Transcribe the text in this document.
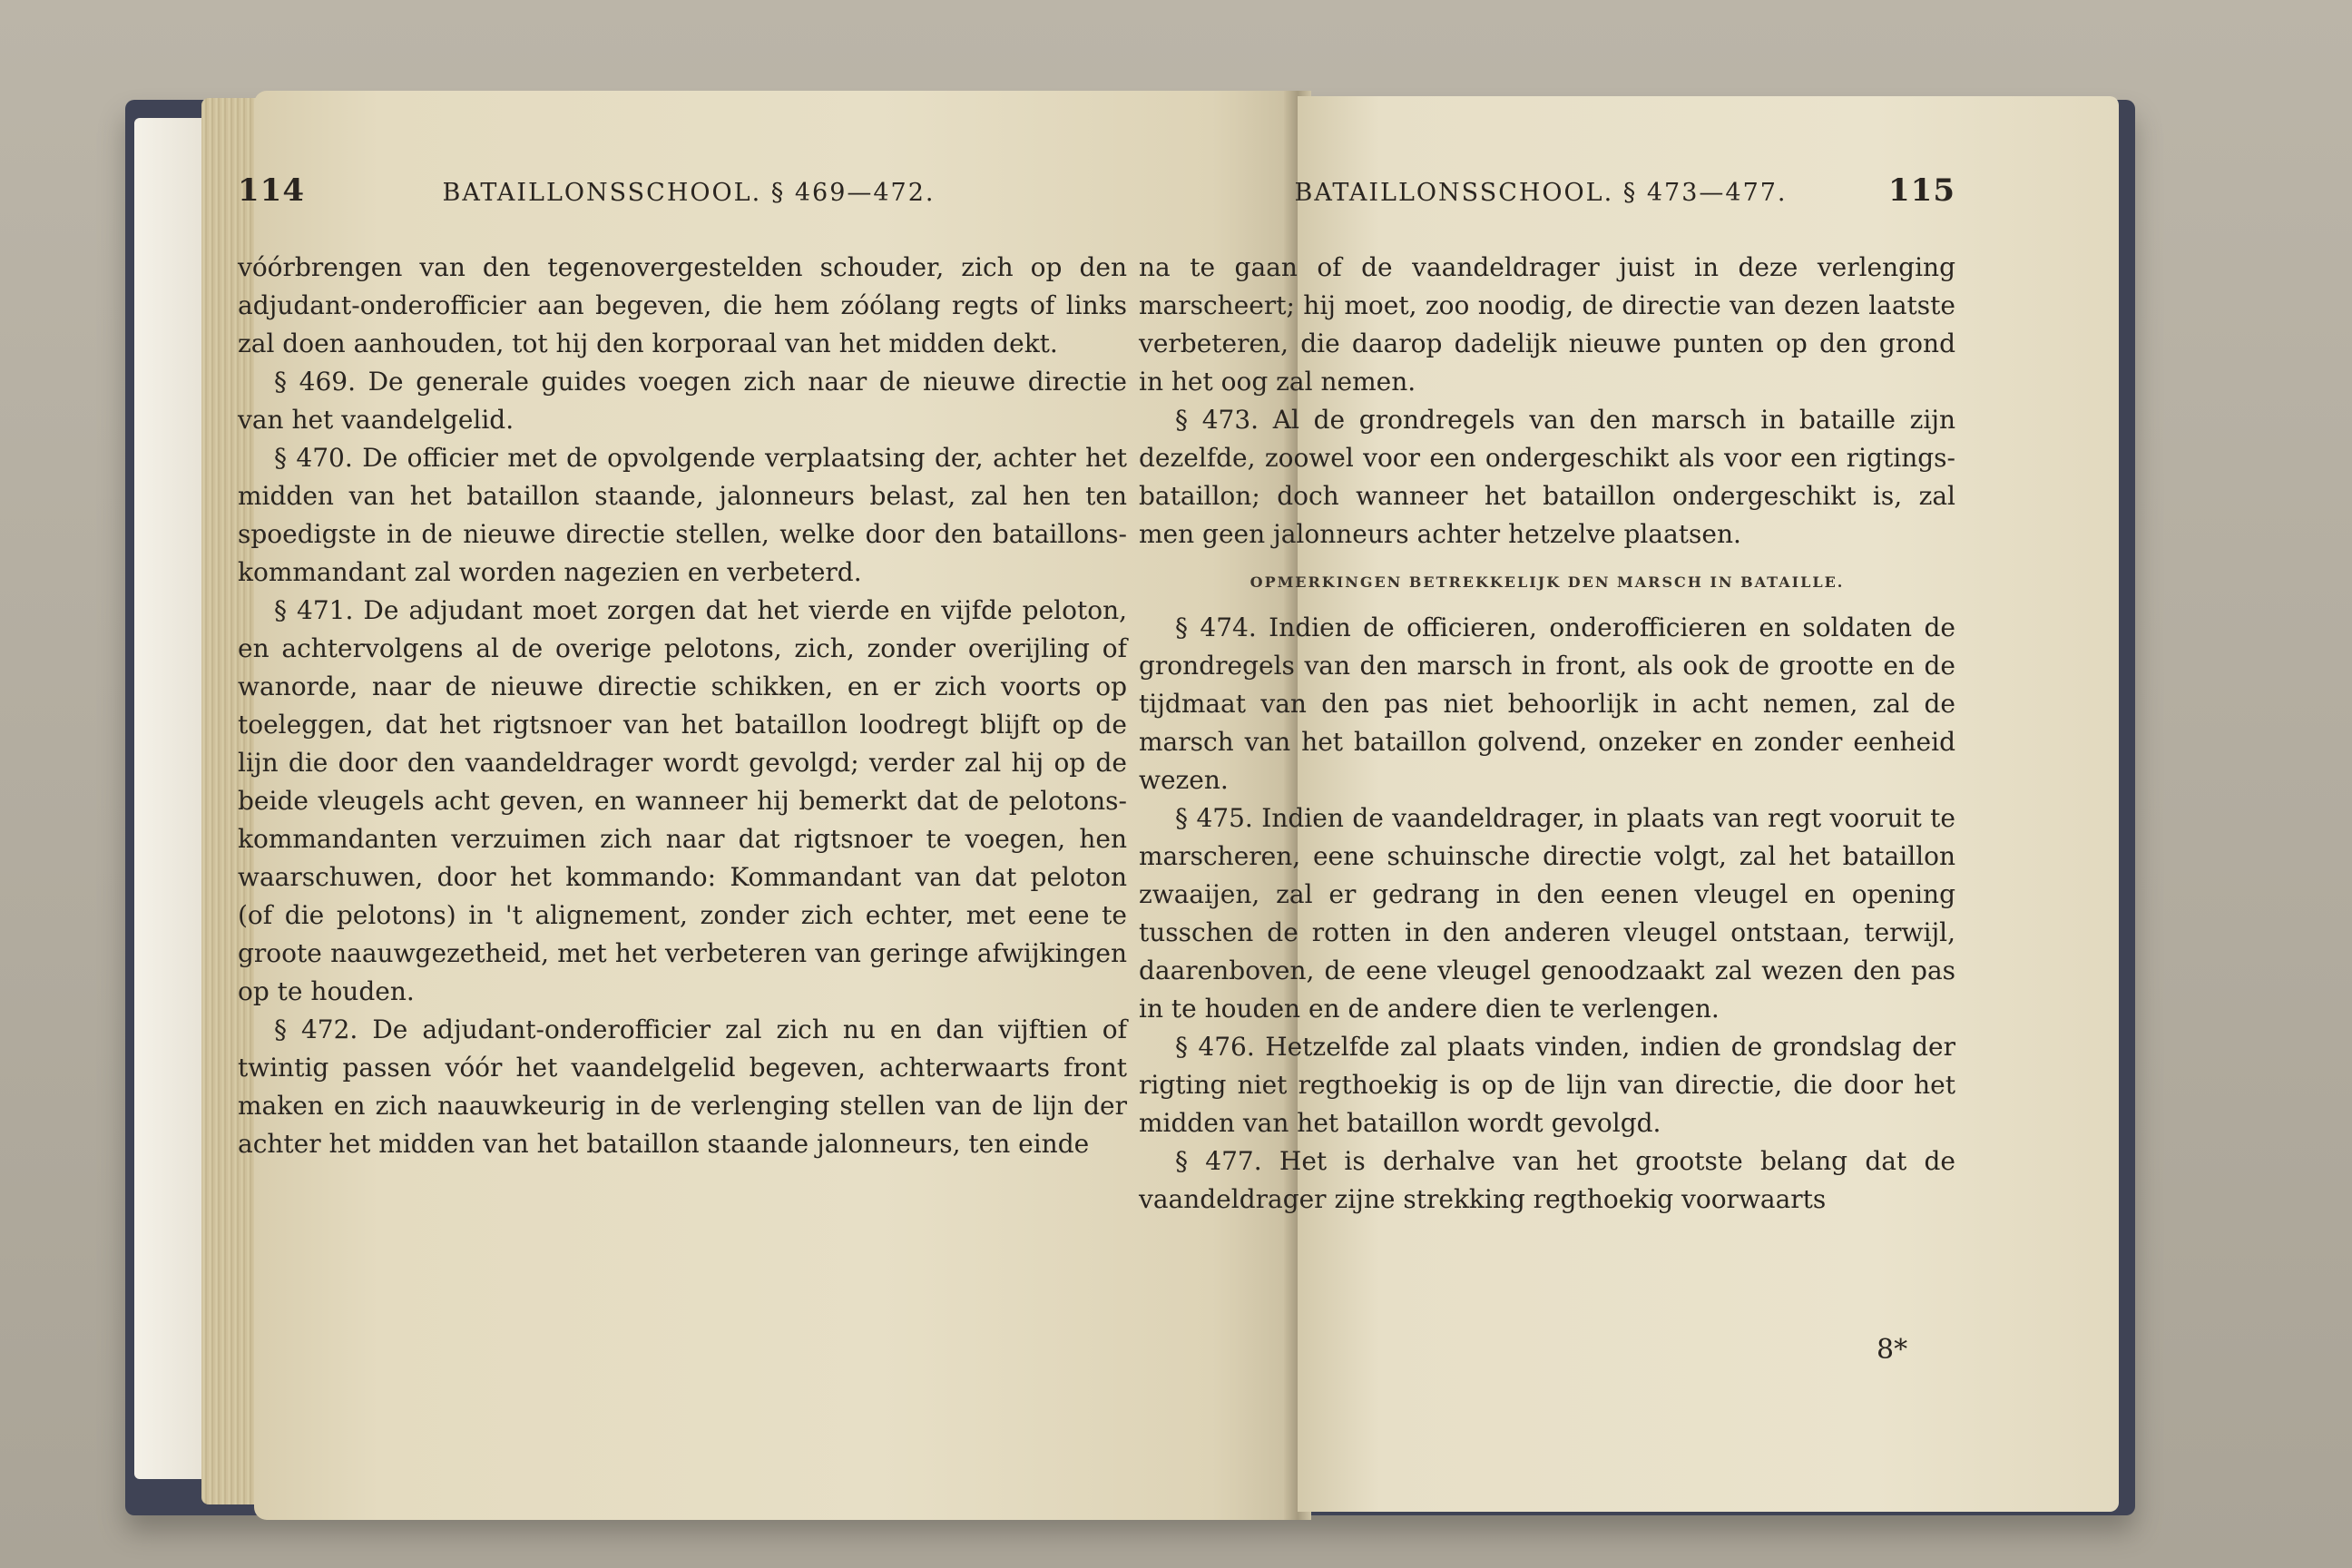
114	BATAILLONSSCHOOL. § 469—472.

vóórbrengen van den tegenovergestelden schouder, zich op den adjudant-onderofficier aan begeven, die hem zóólang regts of links zal doen aanhouden, tot hij den korporaal van het midden dekt.

§ 469. De generale guides voegen zich naar de nieuwe directie van het vaandelgelid.

§ 470. De officier met de opvolgende verplaatsing der, achter het midden van het bataillon staande, jalonneurs belast, zal hen ten spoedigste in de nieuwe directie stellen, welke door den bataillons-kommandant zal worden nagezien en verbeterd.

§ 471. De adjudant moet zorgen dat het vierde en vijfde peloton, en achtervolgens al de overige pelotons, zich, zonder overijling of wanorde, naar de nieuwe directie schikken, en er zich voorts op toeleggen, dat het rigtsnoer van het bataillon loodregt blijft op de lijn die door den vaandeldrager wordt gevolgd; verder zal hij op de beide vleugels acht geven, en wanneer hij bemerkt dat de pelotons-kommandanten verzuimen zich naar dat rigtsnoer te voegen, hen waarschuwen, door het kommando: Kommandant van dat peloton (of die pelotons) in 't alignement, zonder zich echter, met eene te groote naauwgezetheid, met het verbeteren van geringe afwijkingen op te houden.

§ 472. De adjudant-onderofficier zal zich nu en dan vijftien of twintig passen vóór het vaandelgelid begeven, achterwaarts front maken en zich naauwkeurig in de verlenging stellen van de lijn der achter het midden van het bataillon staande jalonneurs, ten einde

BATAILLONSSCHOOL. § 473—477.	115

na te gaan of de vaandeldrager juist in deze verlenging marscheert; hij moet, zoo noodig, de directie van dezen laatste verbeteren, die daarop dadelijk nieuwe punten op den grond in het oog zal nemen.

§ 473. Al de grondregels van den marsch in bataille zijn dezelfde, zoowel voor een ondergeschikt als voor een rigtings-bataillon; doch wanneer het bataillon ondergeschikt is, zal men geen jalonneurs achter hetzelve plaatsen.

OPMERKINGEN BETREKKELIJK DEN MARSCH IN BATAILLE.

§ 474. Indien de officieren, onderofficieren en soldaten de grondregels van den marsch in front, als ook de grootte en de tijdmaat van den pas niet behoorlijk in acht nemen, zal de marsch van het bataillon golvend, onzeker en zonder eenheid wezen.

§ 475. Indien de vaandeldrager, in plaats van regt vooruit te marscheren, eene schuinsche directie volgt, zal het bataillon zwaaijen, zal er gedrang in den eenen vleugel en opening tusschen de rotten in den anderen vleugel ontstaan, terwijl, daarenboven, de eene vleugel genoodzaakt zal wezen den pas in te houden en de andere dien te verlengen.

§ 476. Hetzelfde zal plaats vinden, indien de grondslag der rigting niet regthoekig is op de lijn van directie, die door het midden van het bataillon wordt gevolgd.

§ 477. Het is derhalve van het grootste belang dat de vaandeldrager zijne strekking regthoekig voorwaarts

8*
